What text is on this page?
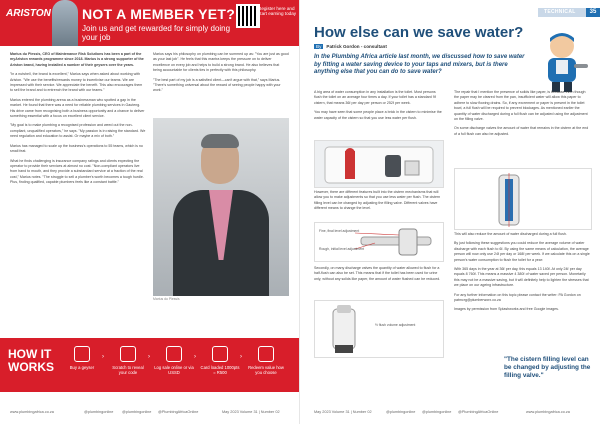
ARISTON NOT A MEMBER YET?
Join us and get rewarded for simply doing your job
Register here and start earning today

Marius du Plessis, CEO of Maintenance Risk Solutions has been a part of the myAriston rewards programme since 2018. Marius is a strong supporter of the Ariston brand, having installed a number of their geysers over the years.

"In a nutshell, the brand is excellent," Marius says when asked about working with Ariston. "We use the benefits/rewards money to incentivise our teams. We are impressed with their service. We appreciate the benefit. This also encourages them to sell the brand and to entrench the brand with our teams."

Marius entered the plumbing arena as a businessman who spotted a gap in the market. He found that there was a need for reliable plumbing services in Gauteng. His drive came from recognising both a business opportunity and a chance to deliver something essential with a focus on excellent client service.

"My goal is to make plumbing a recognised profession and weed out the non-compliant, unqualified operators," he says. "My passion is in raising the standard. We need regulation and education to assist. Or maybe a mix of both."

Marius has managed to scale up the business's operations to 55 teams, which is no small feat.

What he finds challenging is insurance company ratings and clients expecting the operator to provide their services at almost no cost. "Non-compliant operators live from hand to mouth, and they provide a substandard service at a fraction of the real cost," Marius notes. "The struggle to sell a plumber's worth becomes a tough hurdle. Plus, finding qualified, capable plumbers feels like a constant battle."

Marius says his philosophy on plumbing can be summed up as: "You are just as good as your last job". He feels that this mantra keeps the pressure on to deliver excellence on every job and helps to build a strong brand. He also believes that being accountable for clients ties in perfectly with this philosophy.

"The best part of my job is a satisfied client—can't argue with that," says Marius. "There's something universal about the reward of seeing people happy with your work."

Marius du Plessis
HOW IT WORKS	Buy a geyser
›
Scratch to reveal your code
›
Log sale online or via USSD
›
Card loaded 1000pts = R500
›
Redeem value how you choose
www.plumbingafrica.co.za	@plumbingonline @plumbingonline @PlumbingAfricaOnline	May 2023 Volume 31 | Number 02
TECHNICAL	35
How else can we save water?
By Patrick Gordon - consultant
In the Plumbing Africa article last month, we discussed how to save water by fitting a water saving device to your taps and mixers, but is there anything else that you can do to save water?

A big area of water consumption in any installation is the toilet. Most persons flush the toilet on an average four times a day. If your toilet has a standard 9ℓ cistern, that means 36ℓ per day per person or 252ℓ per week.

You may have seen that some people place a brick in the cistern to minimise the water capacity of the cistern so that you use less water per flush.

However, there are different features built into the cistern mechanisms that will allow you to make adjustments so that you use less water per flush. The cistern filling level can be changed by adjusting the filling valve. Different valves have different means to change the level.

Fine, final level adjustment
Rough, initial level adjustment

Secondly, on many discharge valves the quantity of water allowed to flush for a half-flush can also be set. This means that if the toilet has been used for urine only, without any solids like paper, the amount of water flushed can be reduced.

½ flush volume adjustment

The repair that I mention the presence of solids like paper, is because even though the paper may be cleared from the pan, insufficient water will allow this paper to adhere to slow flowing drains. So, if any excrement or paper is present in the toilet bowl, a full flush will be required to prevent blockages. As mentioned earlier the quantity of water discharged during a full flush can be adjusted using the adjustment on the filling valve.

On some discharge valves the amount of water that remains in the cistern at the end of a full flush can also be adjusted.

This will also reduce the amount of water discharged during a full flush.

By just following these suggestions you could reduce the average volume of water discharge with each flush to 6ℓ. By using the same means of calculation, the average person will now only use 24ℓ per day or 168ℓ per week. If we calculate this on a single person's water consumption to flush the toilet for a year:

With 365 days in the year at 36ℓ per day, this equals 13 140ℓ. At only 24ℓ per day equals 8 760ℓ. This means a massive 4 380ℓ of water saved per person. Monetarily this may not be a massive saving, but it will definitely help to lighten the stresses that we place on our ageing infrastructure.

For any further information on this topic please contact the writer: PA Gordon on patmcrg@plumberworx.co.za

Images by permission from Splashworks and free Google images.

"The cistern filling level can be changed by adjusting the filling valve."
May 2023 Volume 31 | Number 02	@plumbingonline @plumbingonline @PlumbingAfricaOnline	www.plumbingafrica.co.za
